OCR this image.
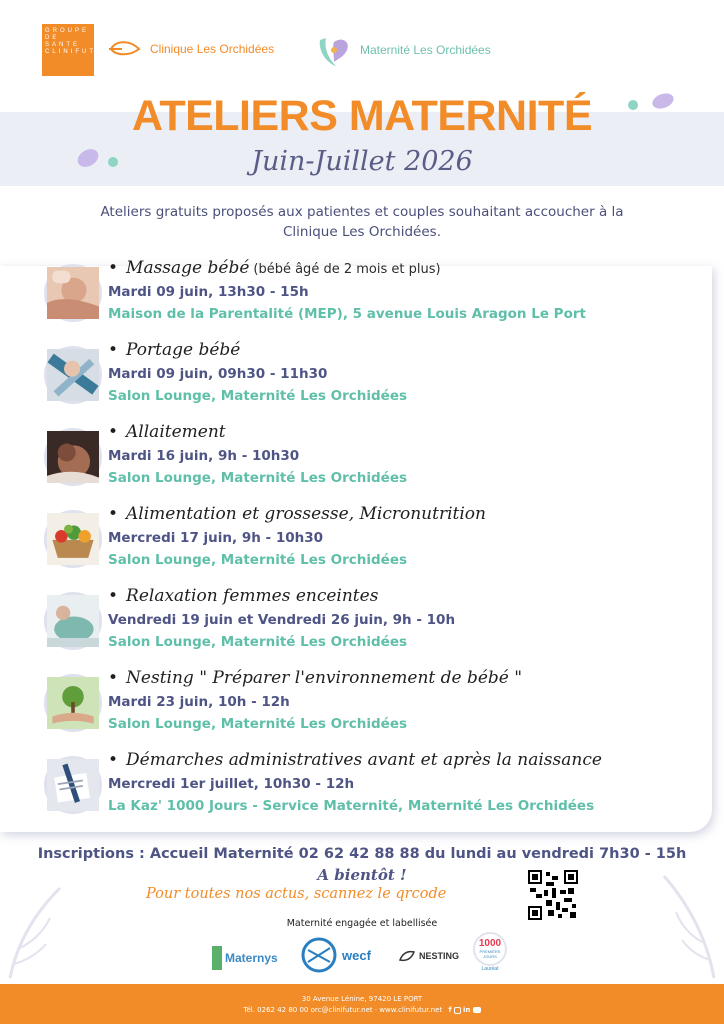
GROUPE DE SANTE CLINIFUTUR	Clinique Les Orchidées	Maternité Les Orchidées
ATELIERS MATERNITÉ
Juin-Juillet 2026
Ateliers gratuits proposés aux patientes et couples souhaitant accoucher à la Clinique Les Orchidées.
• Massage bébé (bébé âgé de 2 mois et plus)
Mardi 09 juin, 13h30 - 15h
Maison de la Parentalité (MEP), 5 avenue Louis Aragon Le Port
• Portage bébé
Mardi 09 juin, 09h30 - 11h30
Salon Lounge, Maternité Les Orchidées
• Allaitement
Mardi 16 juin, 9h - 10h30
Salon Lounge, Maternité Les Orchidées
• Alimentation et grossesse, Micronutrition
Mercredi 17 juin, 9h - 10h30
Salon Lounge, Maternité Les Orchidées
• Relaxation femmes enceintes
Vendredi 19 juin et Vendredi 26 juin, 9h - 10h
Salon Lounge, Maternité Les Orchidées
• Nesting " Préparer l'environnement de bébé "
Mardi 23 juin, 10h - 12h
Salon Lounge, Maternité Les Orchidées
• Démarches administratives avant et après la naissance
Mercredi 1er juillet, 10h30 - 12h
La Kaz' 1000 Jours - Service Maternité, Maternité Les Orchidées
Inscriptions : Accueil Maternité 02 62 42 88 88 du lundi au vendredi 7h30 - 15h
A bientôt !
Pour toutes nos actus, scannez le qrcode
Maternité engagée et labellisée
Maternys	wecf	NESTING
1000
PREMIERS JOURS
Lauréat
30 Avenue Lénine, 97420 LE PORT
Tél. 0262 42 80 00 orc@clinifutur.net · www.clinifutur.net f in
